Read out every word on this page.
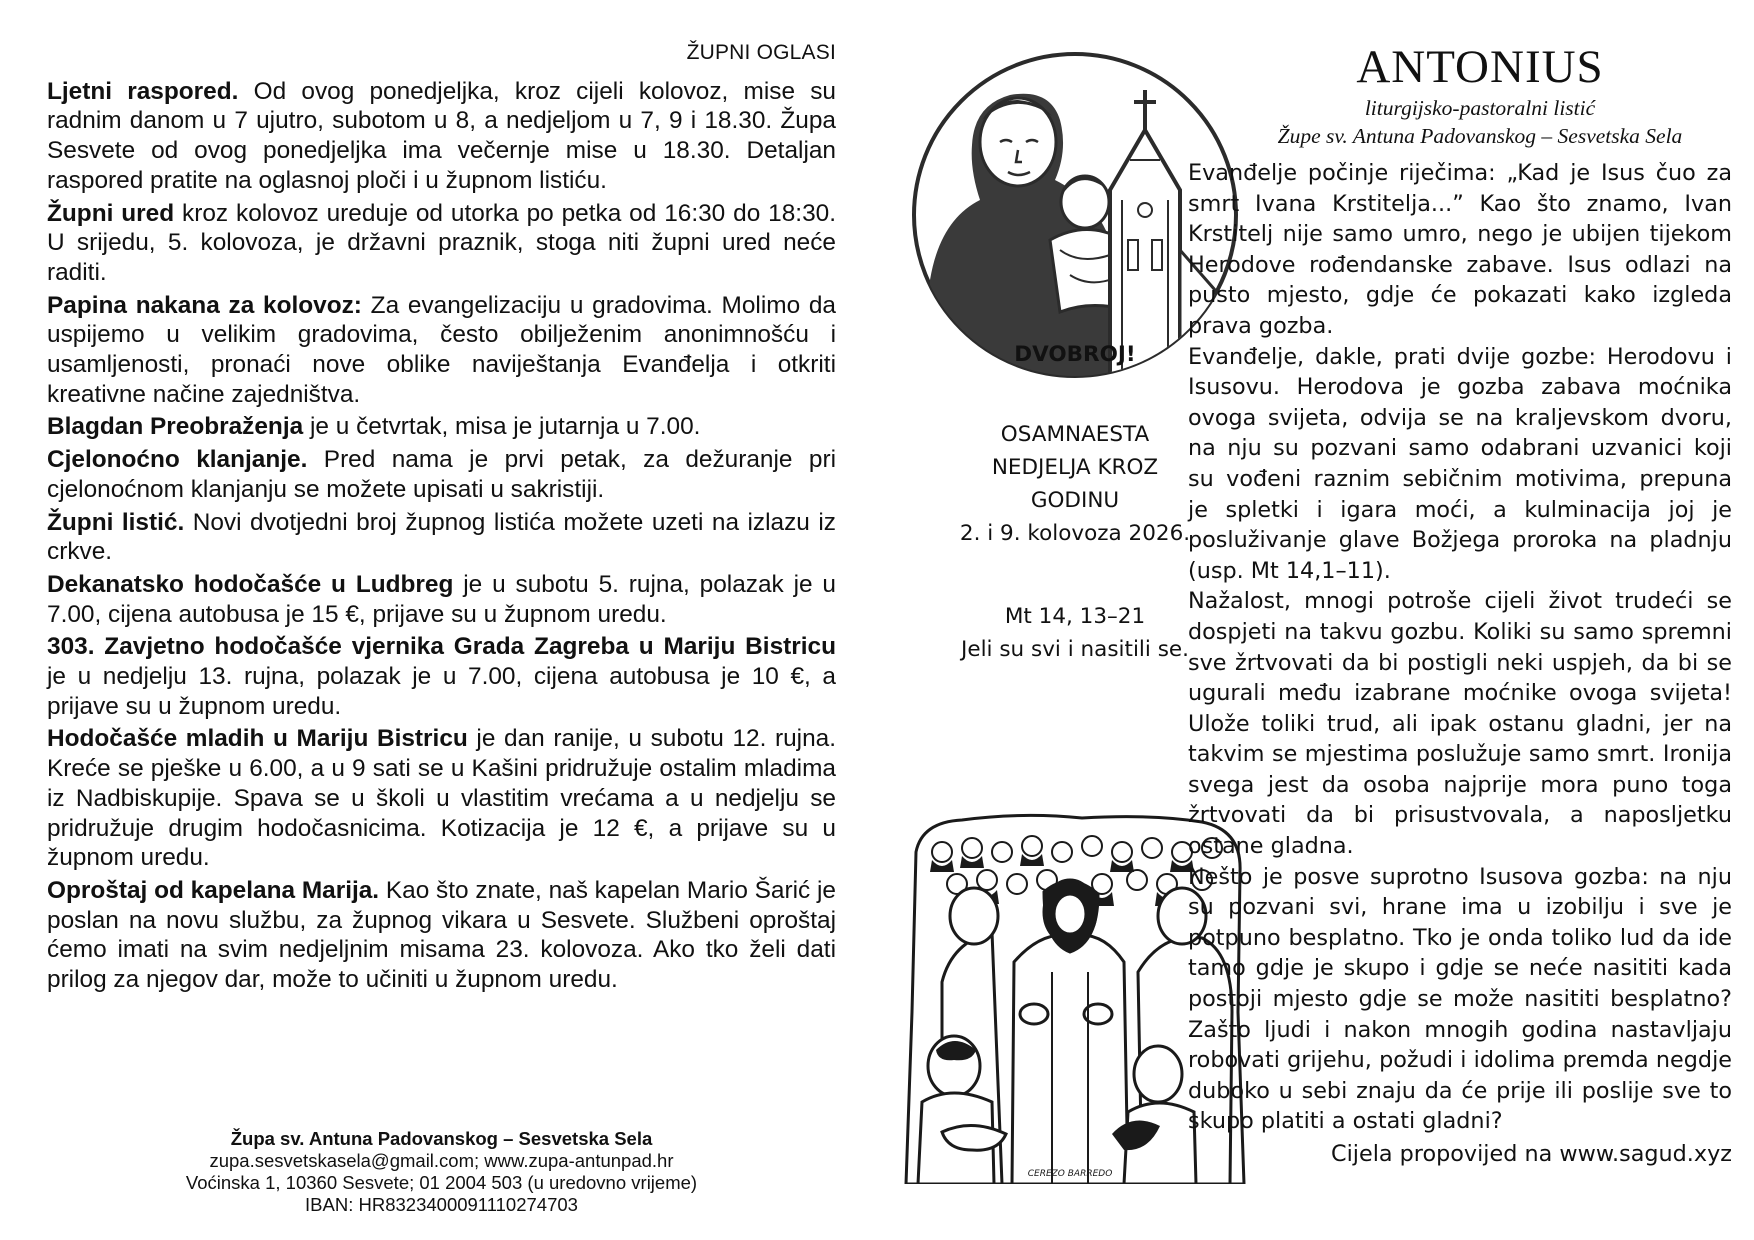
ŽUPNI OGLASI

Ljetni raspored. Od ovog ponedjeljka, kroz cijeli kolovoz, mise su radnim danom u 7 ujutro, subotom u 8, a nedjeljom u 7, 9 i 18.30. Župa Sesvete od ovog ponedjeljka ima večernje mise u 18.30. Detaljan raspored pratite na oglasnoj ploči i u župnom listiću.

Župni ured kroz kolovoz ureduje od utorka po petka od 16:30 do 18:30. U srijedu, 5. kolovoza, je državni praznik, stoga niti župni ured neće raditi.

Papina nakana za kolovoz: Za evangelizaciju u gradovima. Molimo da uspijemo u velikim gradovima, često obilježenim anonimnošću i usamljenosti, pronaći nove oblike naviještanja Evanđelja i otkriti kreativne načine zajedništva.

Blagdan Preobraženja je u četvrtak, misa je jutarnja u 7.00.

Cjelonoćno klanjanje. Pred nama je prvi petak, za dežuranje pri cjelonoćnom klanjanju se možete upisati u sakristiji.

Župni listić. Novi dvotjedni broj župnog listića možete uzeti na izlazu iz crkve.

Dekanatsko hodočašće u Ludbreg je u subotu 5. rujna, polazak je u 7.00, cijena autobusa je 15 €, prijave su u župnom uredu.

303. Zavjetno hodočašće vjernika Grada Zagreba u Mariju Bistricu je u nedjelju 13. rujna, polazak je u 7.00, cijena autobusa je 10 €, a prijave su u župnom uredu.

Hodočašće mladih u Mariju Bistricu je dan ranije, u subotu 12. rujna. Kreće se pješke u 6.00, a u 9 sati se u Kašini pridružuje ostalim mladima iz Nadbiskupije. Spava se u školi u vlastitim vrećama a u nedjelju se pridružuje drugim hodočasnicima. Kotizacija je 12 €, a prijave su u župnom uredu.

Oproštaj od kapelana Marija. Kao što znate, naš kapelan Mario Šarić je poslan na novu službu, za župnog vikara u Sesvete. Službeni oproštaj ćemo imati na svim nedjeljnim misama 23. kolovoza. Ako tko želi dati prilog za njegov dar, može to učiniti u župnom uredu.

Župa sv. Antuna Padovanskog – Sesvetska Sela
zupa.sesvetskasela@gmail.com; www.zupa-antunpad.hr
Voćinska 1, 10360 Sesvete; 01 2004 503 (u uredovno vrijeme)
IBAN: HR8323400091110274703
DVOBROJ!
OSAMNAESTA
NEDJELJA KROZ
GODINU
2. i 9. kolovoza 2026.
Mt 14, 13–21
Jeli su svi i nasitili se.
CEREZO BARREDO
ANTONIUS
liturgijsko-pastoralni listić
Župe sv. Antuna Padovanskog – Sesvetska Sela

Evanđelje počinje riječima: „Kad je Isus čuo za smrt Ivana Krstitelja...” Kao što znamo, Ivan Krstitelj nije samo umro, nego je ubijen tijekom Herodove rođendanske zabave. Isus odlazi na pusto mjesto, gdje će pokazati kako izgleda prava gozba.

Evanđelje, dakle, prati dvije gozbe: Herodovu i Isusovu. Herodova je gozba zabava moćnika ovoga svijeta, odvija se na kraljevskom dvoru, na nju su pozvani samo odabrani uzvanici koji su vođeni raznim sebičnim motivima, prepuna je spletki i igara moći, a kulminacija joj je posluživanje glave Božjega proroka na pladnju (usp. Mt 14,1–11).

Nažalost, mnogi potroše cijeli život trudeći se dospjeti na takvu gozbu. Koliki su samo spremni sve žrtvovati da bi postigli neki uspjeh, da bi se ugurali među izabrane moćnike ovoga svijeta! Ulože toliki trud, ali ipak ostanu gladni, jer na takvim se mjestima poslužuje samo smrt. Ironija svega jest da osoba najprije mora puno toga žrtvovati da bi prisustvovala, a naposljetku ostane gladna.

Nešto je posve suprotno Isusova gozba: na nju su pozvani svi, hrane ima u izobilju i sve je potpuno besplatno. Tko je onda toliko lud da ide tamo gdje je skupo i gdje se neće nasititi kada postoji mjesto gdje se može nasititi besplatno? Zašto ljudi i nakon mnogih godina nastavljaju robovati grijehu, požudi i idolima premda negdje duboko u sebi znaju da će prije ili poslije sve to skupo platiti a ostati gladni?

Cijela propovijed na www.sagud.xyz
